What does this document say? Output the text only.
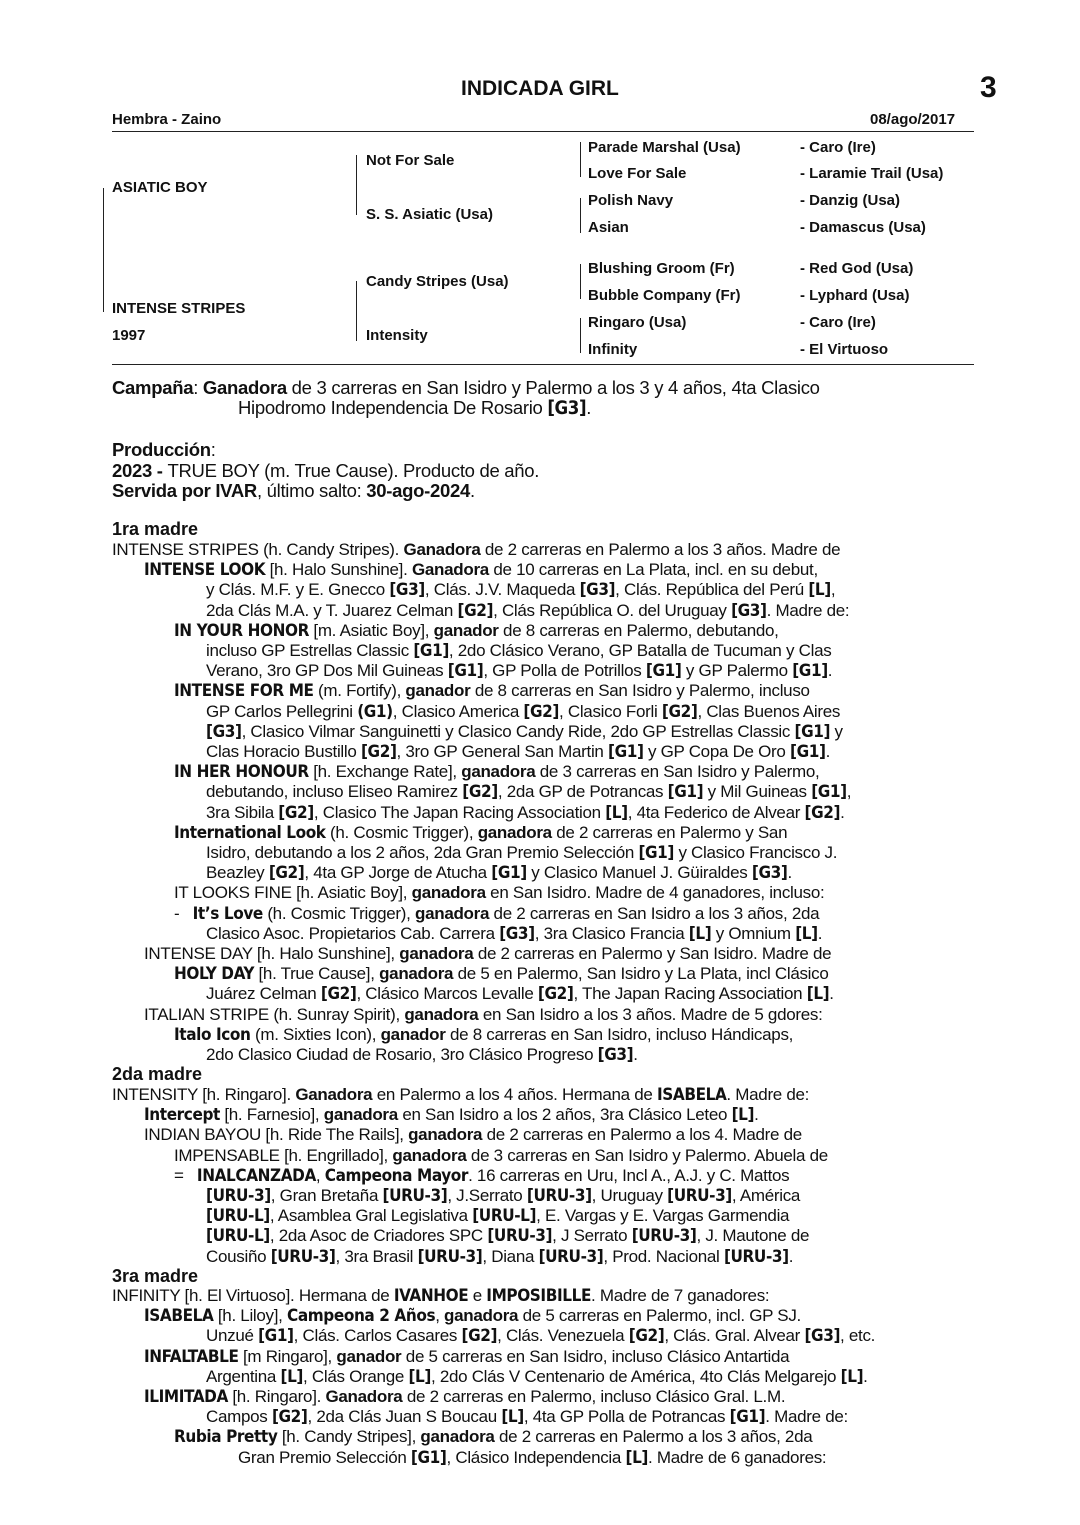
INDICADA GIRL	3
Hembra - Zaino	08/ago/2017
ASIATIC BOY
INTENSE STRIPES
1997
Not For Sale
S. S. Asiatic (Usa)
Candy Stripes (Usa)
Intensity
Parade Marshal (Usa)
Love For Sale
Polish Navy
Asian
Blushing Groom (Fr)
Bubble Company (Fr)
Ringaro (Usa)
Infinity
- Caro (Ire)
- Laramie Trail (Usa)
- Danzig (Usa)
- Damascus (Usa)
- Red God (Usa)
- Lyphard (Usa)
- Caro (Ire)
- El Virtuoso
Campaña: Ganadora de 3 carreras en San Isidro y Palermo a los 3 y 4 años, 4ta Clasico
Hipodromo Independencia De Rosario [G3].
Producción:
2023 - TRUE BOY (m. True Cause). Producto de año.
Servida por IVAR, último salto: 30-ago-2024.
1ra madre
INTENSE STRIPES (h. Candy Stripes). Ganadora de 2 carreras en Palermo a los 3 años. Madre de
INTENSE LOOK [h. Halo Sunshine]. Ganadora de 10 carreras en La Plata, incl. en su debut,
y Clás. M.F. y E. Gnecco [G3], Clás. J.V. Maqueda [G3], Clás. República del Perú [L],
2da Clás M.A. y T. Juarez Celman [G2], Clás República O. del Uruguay [G3]. Madre de:
IN YOUR HONOR [m. Asiatic Boy], ganador de 8 carreras en Palermo, debutando,
incluso GP Estrellas Classic [G1], 2do Clásico Verano, GP Batalla de Tucuman y Clas
Verano, 3ro GP Dos Mil Guineas [G1], GP Polla de Potrillos [G1] y GP Palermo [G1].
INTENSE FOR ME (m. Fortify), ganador de 8 carreras en San Isidro y Palermo, incluso
GP Carlos Pellegrini (G1), Clasico America [G2], Clasico Forli [G2], Clas Buenos Aires
[G3], Clasico Vilmar Sanguinetti y Clasico Candy Ride, 2do GP Estrellas Classic [G1] y
Clas Horacio Bustillo [G2], 3ro GP General San Martin [G1] y GP Copa De Oro [G1].
IN HER HONOUR [h. Exchange Rate], ganadora de 3 carreras en San Isidro y Palermo,
debutando, incluso Eliseo Ramirez [G2], 2da GP de Potrancas [G1] y Mil Guineas [G1],
3ra Sibila [G2], Clasico The Japan Racing Association [L], 4ta Federico de Alvear [G2].
International Look (h. Cosmic Trigger), ganadora de 2 carreras en Palermo y San
Isidro, debutando a los 2 años, 2da Gran Premio Selección [G1] y Clasico Francisco J.
Beazley [G2], 4ta GP Jorge de Atucha [G1] y Clasico Manuel J. Güiraldes [G3].
IT LOOKS FINE [h. Asiatic Boy], ganadora en San Isidro. Madre de 4 ganadores, incluso:
-   It’s Love (h. Cosmic Trigger), ganadora de 2 carreras en San Isidro a los 3 años, 2da
Clasico Asoc. Propietarios Cab. Carrera [G3], 3ra Clasico Francia [L] y Omnium [L].
INTENSE DAY [h. Halo Sunshine], ganadora de 2 carreras en Palermo y San Isidro. Madre de
HOLY DAY [h. True Cause], ganadora de 5 en Palermo, San Isidro y La Plata, incl Clásico
Juárez Celman [G2], Clásico Marcos Levalle [G2], The Japan Racing Association [L].
ITALIAN STRIPE (h. Sunray Spirit), ganadora en San Isidro a los 3 años. Madre de 5 gdores:
Italo Icon (m. Sixties Icon), ganador de 8 carreras en San Isidro, incluso Hándicaps,
2do Clasico Ciudad de Rosario, 3ro Clásico Progreso [G3].
2da madre
INTENSITY [h. Ringaro]. Ganadora en Palermo a los 4 años. Hermana de ISABELA. Madre de:
Intercept [h. Farnesio], ganadora en San Isidro a los 2 años, 3ra Clásico Leteo [L].
INDIAN BAYOU [h. Ride The Rails], ganadora de 2 carreras en Palermo a los 4. Madre de
IMPENSABLE [h. Engrillado], ganadora de 3 carreras en San Isidro y Palermo. Abuela de
=   INALCANZADA, Campeona Mayor. 16 carreras en Uru, Incl A., A.J. y C. Mattos
[URU-3], Gran Bretaña [URU-3], J.Serrato [URU-3], Uruguay [URU-3], América
[URU-L], Asamblea Gral Legislativa [URU-L], E. Vargas y E. Vargas Garmendia
[URU-L], 2da Asoc de Criadores SPC [URU-3], J Serrato [URU-3], J. Mautone de
Cousiño [URU-3], 3ra Brasil [URU-3], Diana [URU-3], Prod. Nacional [URU-3].
3ra madre
INFINITY [h. El Virtuoso]. Hermana de IVANHOE e IMPOSIBILLE. Madre de 7 ganadores:
ISABELA [h. Liloy], Campeona 2 Años, ganadora de 5 carreras en Palermo, incl. GP SJ.
Unzué [G1], Clás. Carlos Casares [G2], Clás. Venezuela [G2], Clás. Gral. Alvear [G3], etc.
INFALTABLE [m Ringaro], ganador de 5 carreras en San Isidro, incluso Clásico Antartida
Argentina [L], Clás Orange [L], 2do Clás V Centenario de América, 4to Clás Melgarejo [L].
ILIMITADA [h. Ringaro]. Ganadora de 2 carreras en Palermo, incluso Clásico Gral. L.M.
Campos [G2], 2da Clás Juan S Boucau [L], 4ta GP Polla de Potrancas [G1]. Madre de:
Rubia Pretty [h. Candy Stripes], ganadora de 2 carreras en Palermo a los 3 años, 2da
Gran Premio Selección [G1], Clásico Independencia [L]. Madre de 6 ganadores:
